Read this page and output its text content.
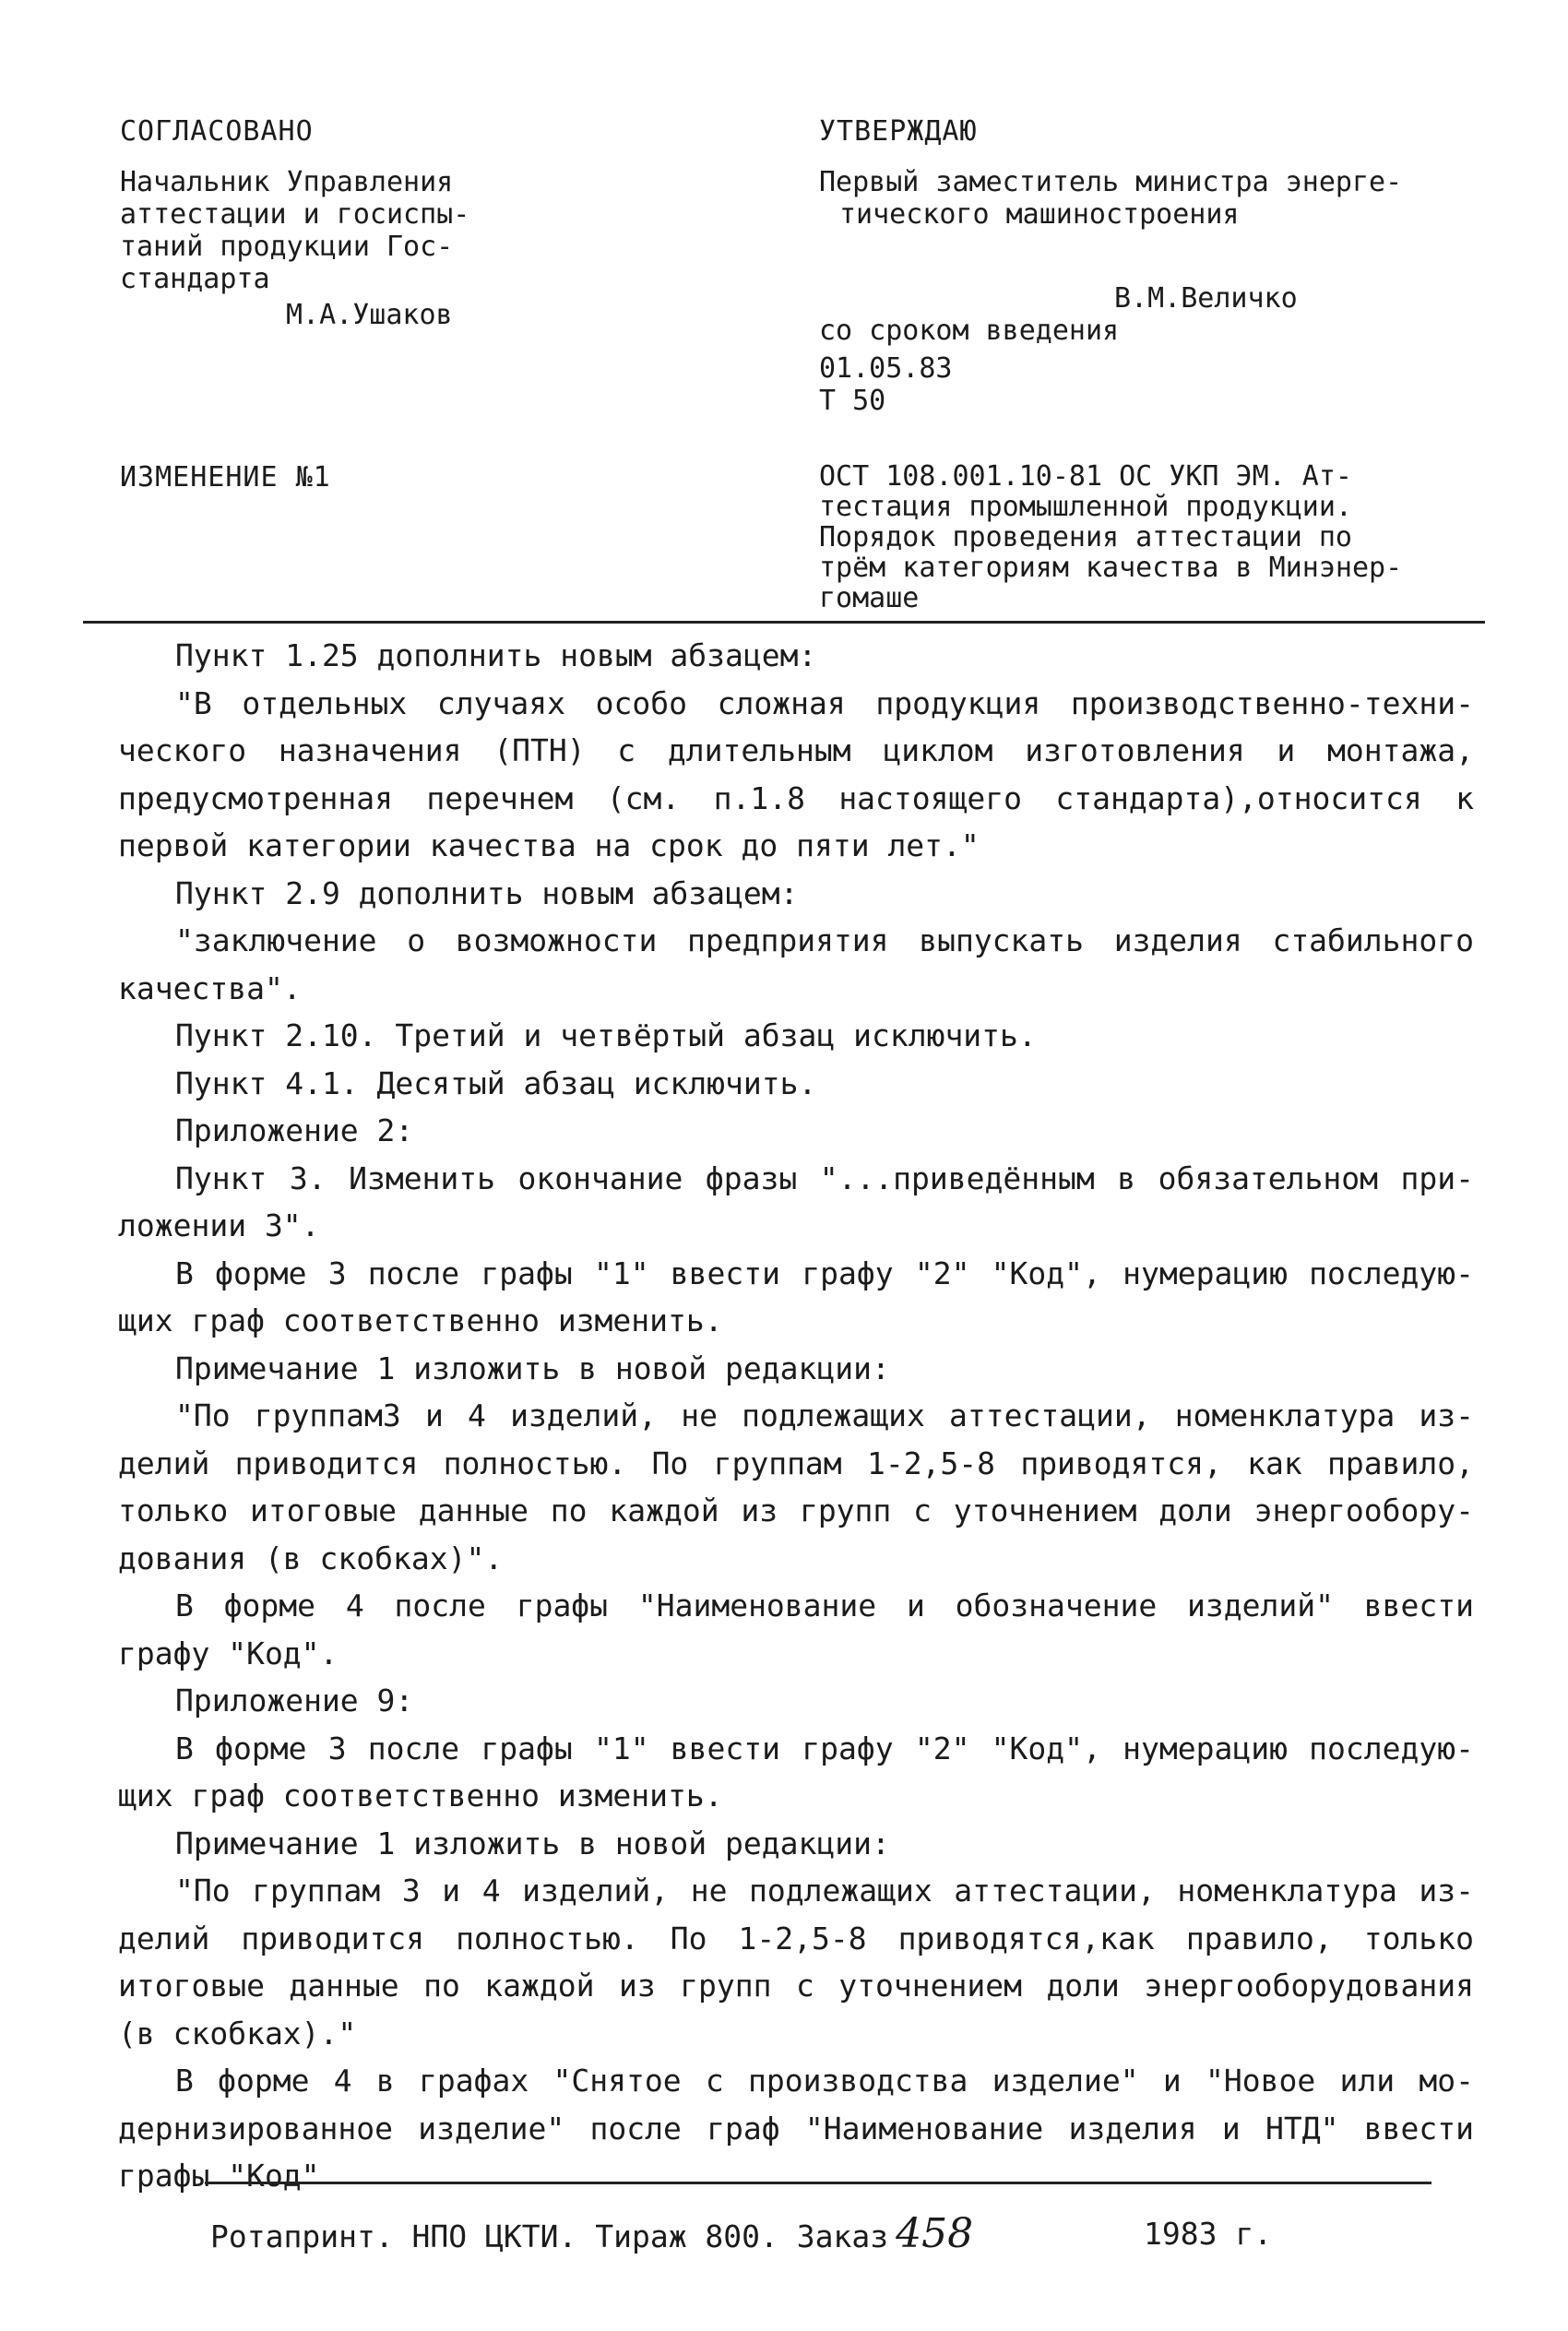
СОГЛАСОВАНО
Начальник Управления
аттестации и госиспы-
таний продукции Гос-
стандарта
М.А.Ушаков
УТВЕРЖДАЮ
Первый заместитель министра энерге-
тического машиностроения
В.М.Величко
со сроком введения
01.05.83
Т 50
ИЗМЕНЕНИЕ №1	ОСТ 108.001.10-81 ОС УКП ЭМ. Ат-
тестация промышленной продукции.
Порядок проведения аттестации по
трём категориям качества в Минэнер-
гомаше

Пункт 1.25 дополнить новым абзацем:

"В отдельных случаях особо сложная продукция производственно-техни-ческого назначения (ПТН) с длительным циклом изготовления и монтажа, предусмотренная перечнем (см. п.1.8 настоящего стандарта),относится к первой категории качества на срок до пяти лет."

Пункт 2.9 дополнить новым абзацем:

"заключение о возможности предприятия выпускать изделия стабильного качества".

Пункт 2.10. Третий и четвёртый абзац исключить.

Пункт 4.1. Десятый абзац исключить.

Приложение 2:

Пункт 3. Изменить окончание фразы "...приведённым в обязательном при-ложении 3".

В форме 3 после графы "1" ввести графу "2" "Код", нумерацию последую-щих граф соответственно изменить.

Примечание 1 изложить в новой редакции:

"По группам3 и 4 изделий, не подлежащих аттестации, номенклатура из-делий приводится полностью. По группам 1-2,5-8 приводятся, как правило, только итоговые данные по каждой из групп с уточнением доли энергообору-дования (в скобках)".

В форме 4 после графы "Наименование и обозначение изделий" ввести графу "Код".

Приложение 9:

В форме 3 после графы "1" ввести графу "2" "Код", нумерацию последую-щих граф соответственно изменить.

Примечание 1 изложить в новой редакции:

"По группам 3 и 4 изделий, не подлежащих аттестации, номенклатура из-делий приводится полностью. По 1-2,5-8 приводятся,как правило, только итоговые данные по каждой из групп с уточнением доли энергооборудования (в скобках)."

В форме 4 в графах "Снятое с производства изделие" и "Новое или мо-дернизированное изделие" после граф "Наименование изделия и НТД" ввести графы "Код"

Ротапринт. НПО ЦКТИ. Тираж 800. Заказ 458	1983 г.
